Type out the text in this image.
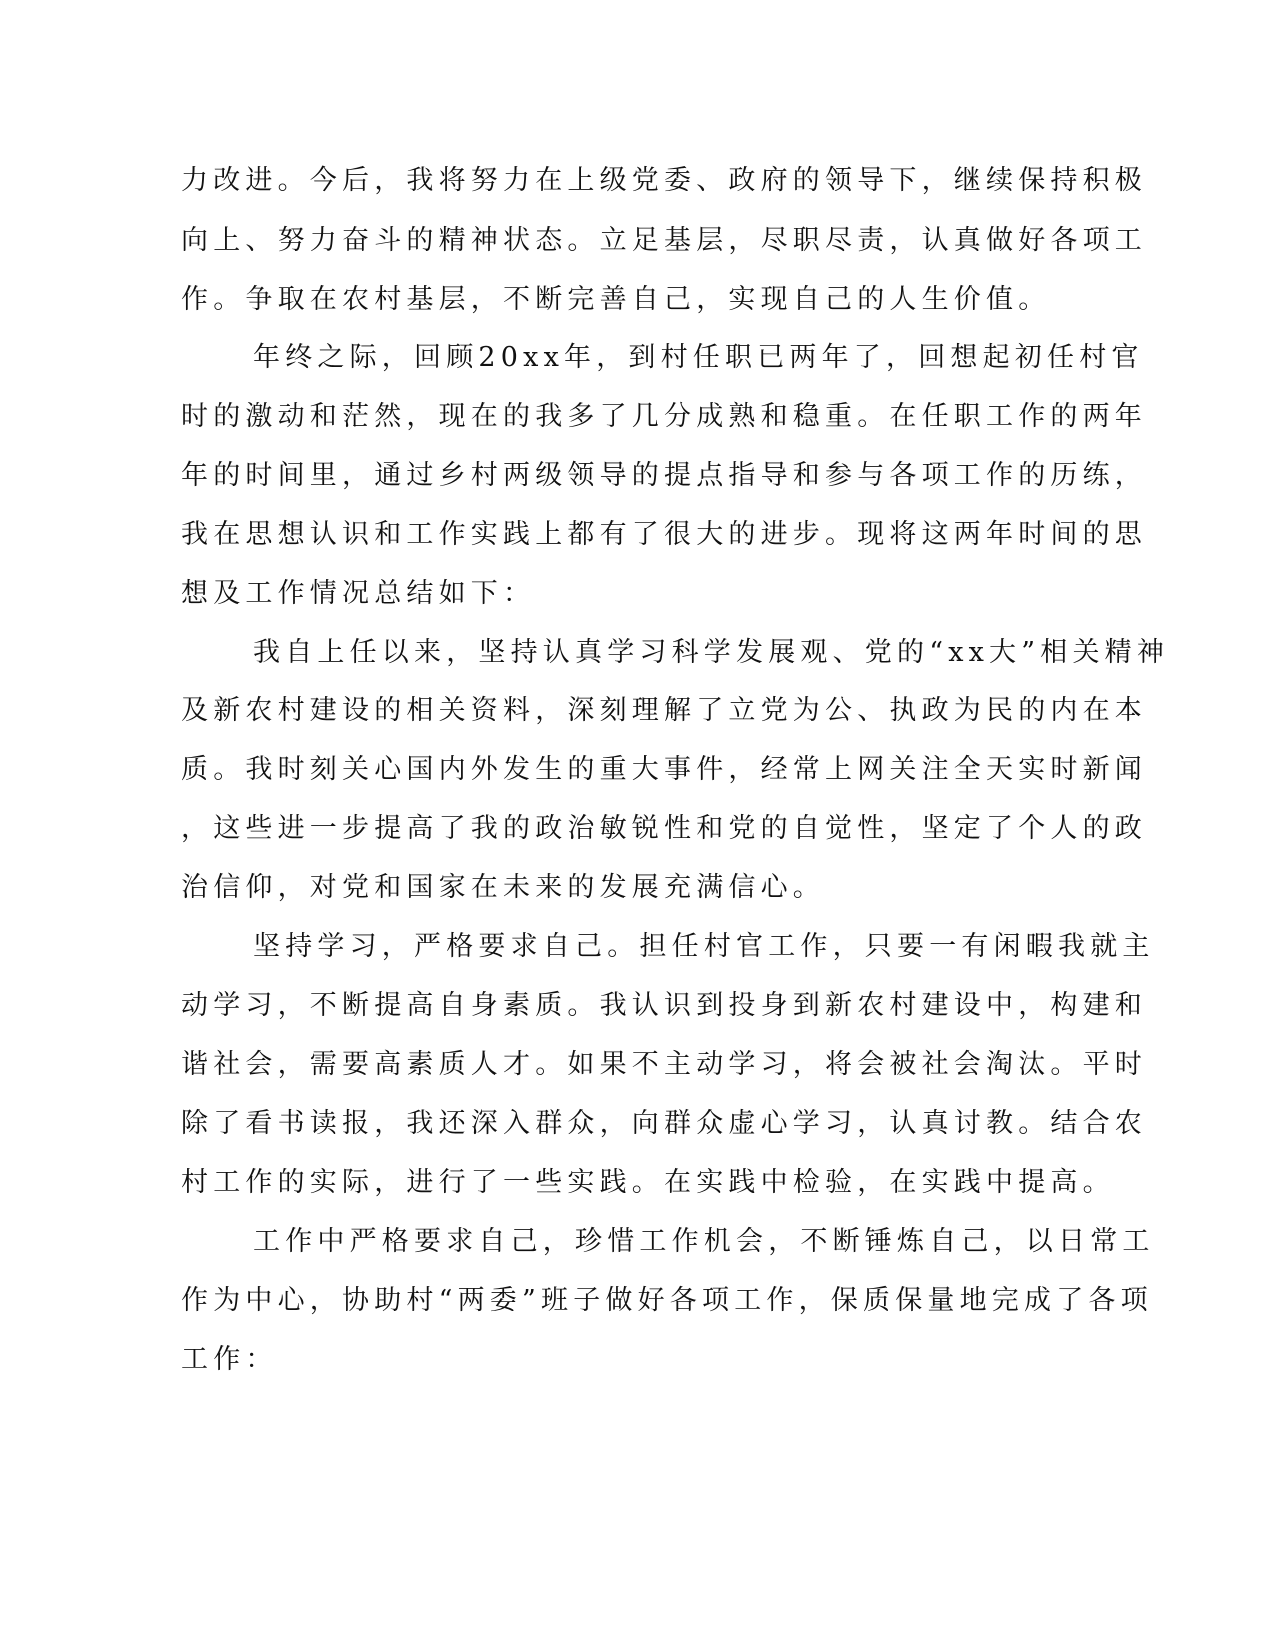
力改进。今后，我将努力在上级党委、政府的领导下，继续保持积极
向上、努力奋斗的精神状态。立足基层，尽职尽责，认真做好各项工
作。争取在农村基层，不断完善自己，实现自己的人生价值。
年终之际，回顾20xx年，到村任职已两年了，回想起初任村官
时的激动和茫然，现在的我多了几分成熟和稳重。在任职工作的两年
年的时间里，通过乡村两级领导的提点指导和参与各项工作的历练，
我在思想认识和工作实践上都有了很大的进步。现将这两年时间的思
想及工作情况总结如下：
我自上任以来，坚持认真学习科学发展观、党的“xx大”相关精神
及新农村建设的相关资料，深刻理解了立党为公、执政为民的内在本
质。我时刻关心国内外发生的重大事件，经常上网关注全天实时新闻
，这些进一步提高了我的政治敏锐性和党的自觉性，坚定了个人的政
治信仰，对党和国家在未来的发展充满信心。
坚持学习，严格要求自己。担任村官工作，只要一有闲暇我就主
动学习，不断提高自身素质。我认识到投身到新农村建设中，构建和
谐社会，需要高素质人才。如果不主动学习，将会被社会淘汰。平时
除了看书读报，我还深入群众，向群众虚心学习，认真讨教。结合农
村工作的实际，进行了一些实践。在实践中检验，在实践中提高。
工作中严格要求自己，珍惜工作机会，不断锤炼自己，以日常工
作为中心，协助村“两委”班子做好各项工作，保质保量地完成了各项
工作：
